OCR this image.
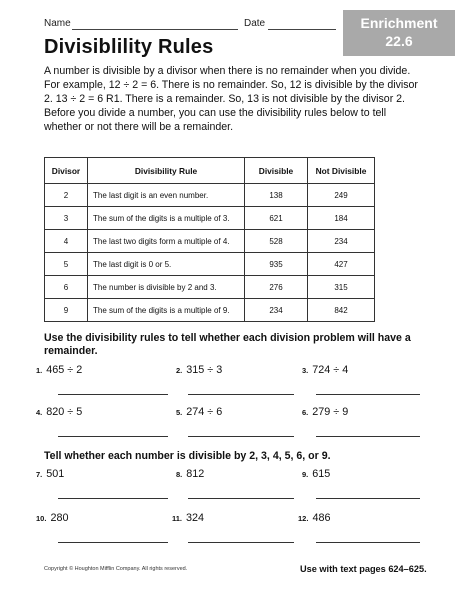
Name	Date	Enrichment
22.6
Divisiblility Rules
A number is divisible by a divisor when there is no remainder when you divide. For example, 12 ÷ 2 = 6. There is no remainder. So, 12 is divisible by the divisor 2. 13 ÷ 2 = 6 R1. There is a remainder. So, 13 is not divisible by the divisor 2. Before you divide a number, you can use the divisibility rules below to tell whether or not there will be a remainder.
Divisor	Divisibility Rule	Divisible	Not Divisible
2	The last digit is an even number.	138	249
3	The sum of the digits is a multiple of 3.	621	184
4	The last two digits form a multiple of 4.	528	234
5	The last digit is 0 or 5.	935	427
6	The number is divisible by 2 and 3.	276	315
9	The sum of the digits is a multiple of 9.	234	842
Use the divisibility rules to tell whether each division problem will have a remainder.
1. 465 ÷ 2	2. 315 ÷ 3	3. 724 ÷ 4
4. 820 ÷ 5	5. 274 ÷ 6	6. 279 ÷ 9
Tell whether each number is divisible by 2, 3, 4, 5, 6, or 9.
7. 501	8. 812	9. 615
10. 280	11. 324	12. 486
Copyright © Houghton Mifflin Company. All rights reserved.	Use with text pages 624–625.
